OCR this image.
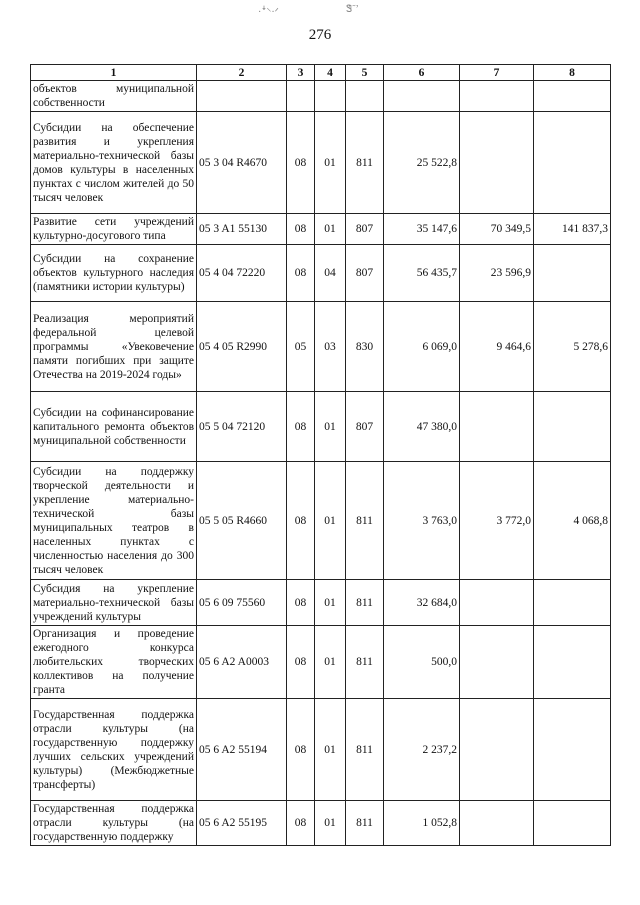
·ꜜ⸌·ᐟ	Ꮥ˜ʼ
276
1	2	3	4	5	6	7	8
объектов муниципальной собственности							
Субсидии на обеспечение развития и укрепления материально-технической базы домов культуры в населенных пунктах с числом жителей до 50 тысяч человек	05 3 04 R4670	08	01	811	25 522,8		
Развитие сети учреждений культурно-досугового типа	05 3 A1 55130	08	01	807	35 147,6	70 349,5	141 837,3
Субсидии на сохранение объектов культурного наследия (памятники истории культуры)	05 4 04 72220	08	04	807	56 435,7	23 596,9	
Реализация мероприятий федеральной целевой программы «Увековечение памяти погибших при защите Отечества на 2019-2024 годы»	05 4 05 R2990	05	03	830	6 069,0	9 464,6	5 278,6
Субсидии на софинансирование капитального ремонта объектов муниципальной собственности	05 5 04 72120	08	01	807	47 380,0		
Субсидии на поддержку творческой деятельности и укрепление материально-технической базы муниципальных театров в населенных пунктах с численностью населения до 300 тысяч человек	05 5 05 R4660	08	01	811	3 763,0	3 772,0	4 068,8
Субсидия на укрепление материально-технической базы учреждений культуры	05 6 09 75560	08	01	811	32 684,0		
Организация и проведение ежегодного конкурса любительских творческих коллективов на получение гранта	05 6 A2 A0003	08	01	811	500,0		
Государственная поддержка отрасли культуры (на государственную поддержку лучших сельских учреждений культуры) (Межбюджетные трансферты)	05 6 A2 55194	08	01	811	2 237,2		
Государственная поддержка отрасли культуры (на государственную поддержку	05 6 A2 55195	08	01	811	1 052,8		
